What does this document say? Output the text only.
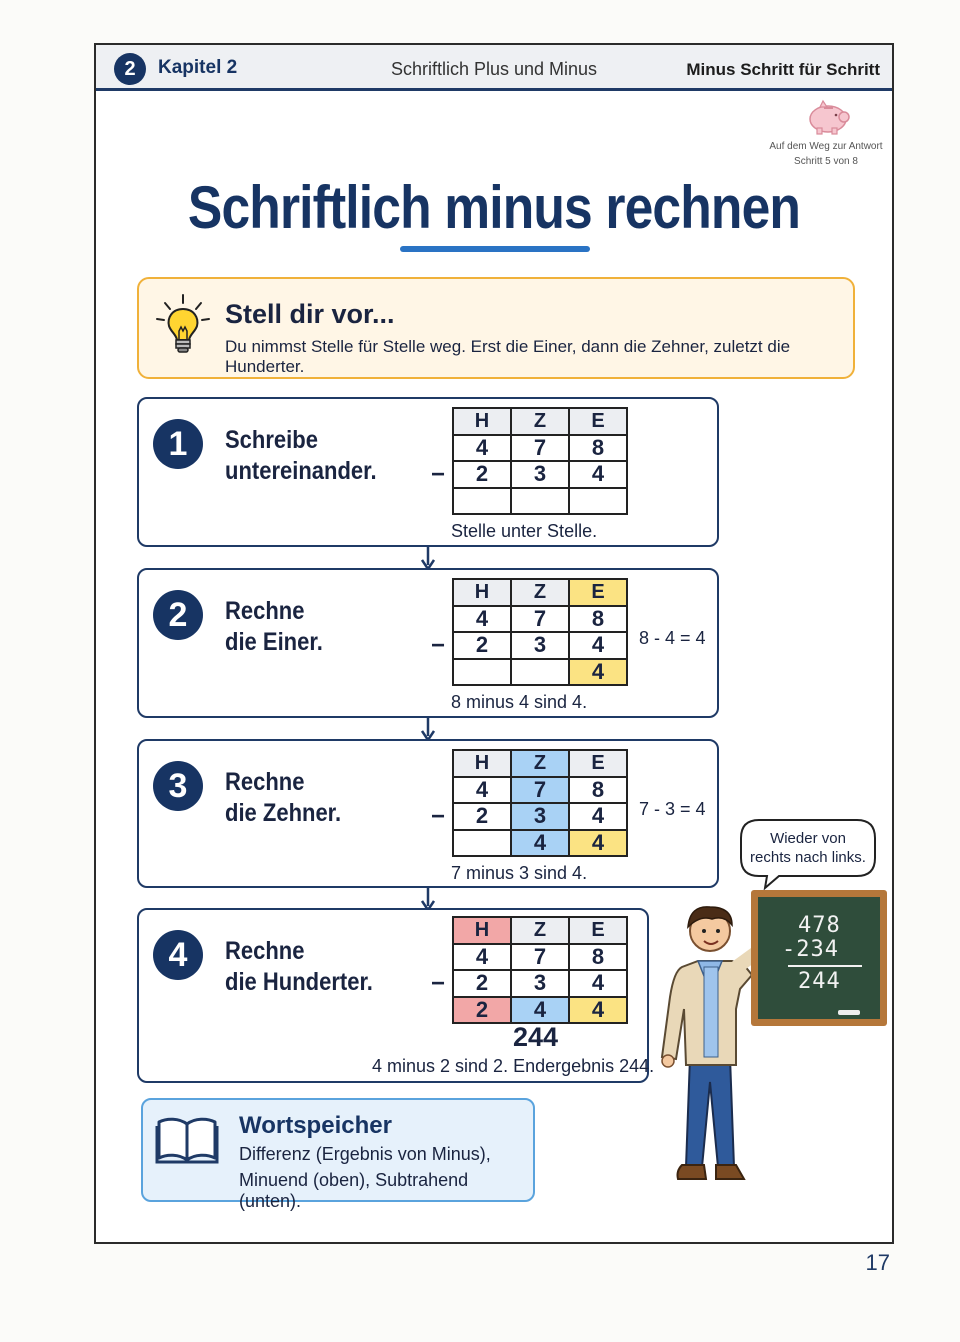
2	Kapitel 2	Schriftlich Plus und Minus	Minus Schritt für Schritt
Auf dem Weg zur Antwort
Schritt 5 von 8
Schriftlich minus rechnen
Stell dir vor...
Du nimmst Stelle für Stelle weg. Erst die Einer, dann die Zehner, zuletzt die Hunderter.
1	Schreibe
untereinander. −
H	Z	E
4	7	8
2	3	4

Stelle unter Stelle.
2	Rechne
die Einer.	−
H	Z	E
4	7	8
2	3	4
		4
8 - 4 = 4
8 minus 4 sind 4.
3	Rechne
die Zehner.	−
H	Z	E
4	7	8
2	3	4
	4	4
7 - 3 = 4
7 minus 3 sind 4.
4	Rechne
die Hunderter. −
H	Z	E
4	7	8
2	3	4
2	4	4
244
4 minus 2 sind 2. Endergebnis 244.
Wortspeicher
Differenz (Ergebnis von Minus),
Minuend (oben), Subtrahend (unten).
Wieder von
rechts nach links.
478
-234
244
17
